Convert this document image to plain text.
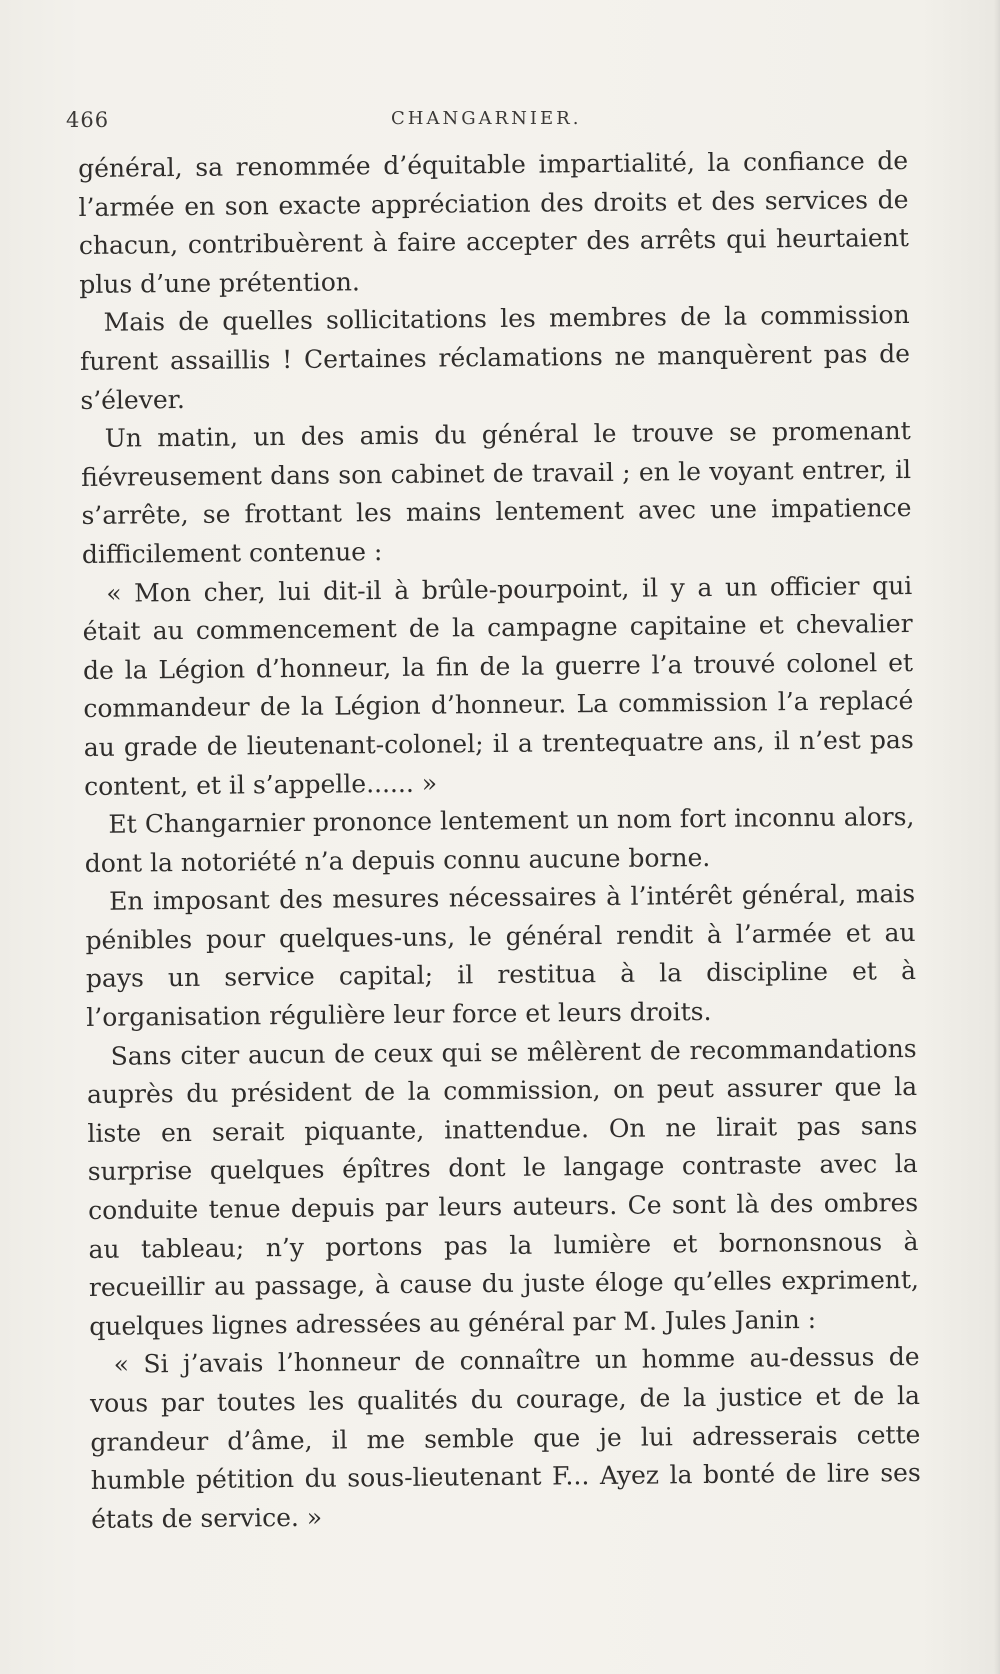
466	CHANGARNIER.

général, sa renommée d’équitable impartialité, la confiance de l’armée en son exacte appréciation des droits et des services de chacun, contribuèrent à faire accepter des arrêts qui heurtaient plus d’une prétention.

Mais de quelles sollicitations les membres de la commission furent assaillis ! Certaines réclamations ne manquèrent pas de s’élever.

Un matin, un des amis du général le trouve se promenant fiévreusement dans son cabinet de travail ; en le voyant entrer, il s’arrête, se frottant les mains lentement avec une impatience difficilement contenue :

« Mon cher, lui dit-il à brûle-pourpoint, il y a un officier qui était au commencement de la campagne capitaine et chevalier de la Légion d’honneur, la fin de la guerre l’a trouvé colonel et commandeur de la Légion d’honneur. La commission l’a replacé au grade de lieutenant-colonel; il a trentequatre ans, il n’est pas content, et il s’appelle...... »

Et Changarnier prononce lentement un nom fort inconnu alors, dont la notoriété n’a depuis connu aucune borne.

En imposant des mesures nécessaires à l’intérêt général, mais pénibles pour quelques-uns, le général rendit à l’armée et au pays un service capital; il restitua à la discipline et à l’organisation régulière leur force et leurs droits.

Sans citer aucun de ceux qui se mêlèrent de recommandations auprès du président de la commission, on peut assurer que la liste en serait piquante, inattendue. On ne lirait pas sans surprise quelques épîtres dont le langage contraste avec la conduite tenue depuis par leurs auteurs. Ce sont là des ombres au tableau; n’y portons pas la lumière et bornonsnous à recueillir au passage, à cause du juste éloge qu’elles expriment, quelques lignes adressées au général par M. Jules Janin :

« Si j’avais l’honneur de connaître un homme au-dessus de vous par toutes les qualités du courage, de la justice et de la grandeur d’âme, il me semble que je lui adresserais cette humble pétition du sous-lieutenant F... Ayez la bonté de lire ses états de service. »
